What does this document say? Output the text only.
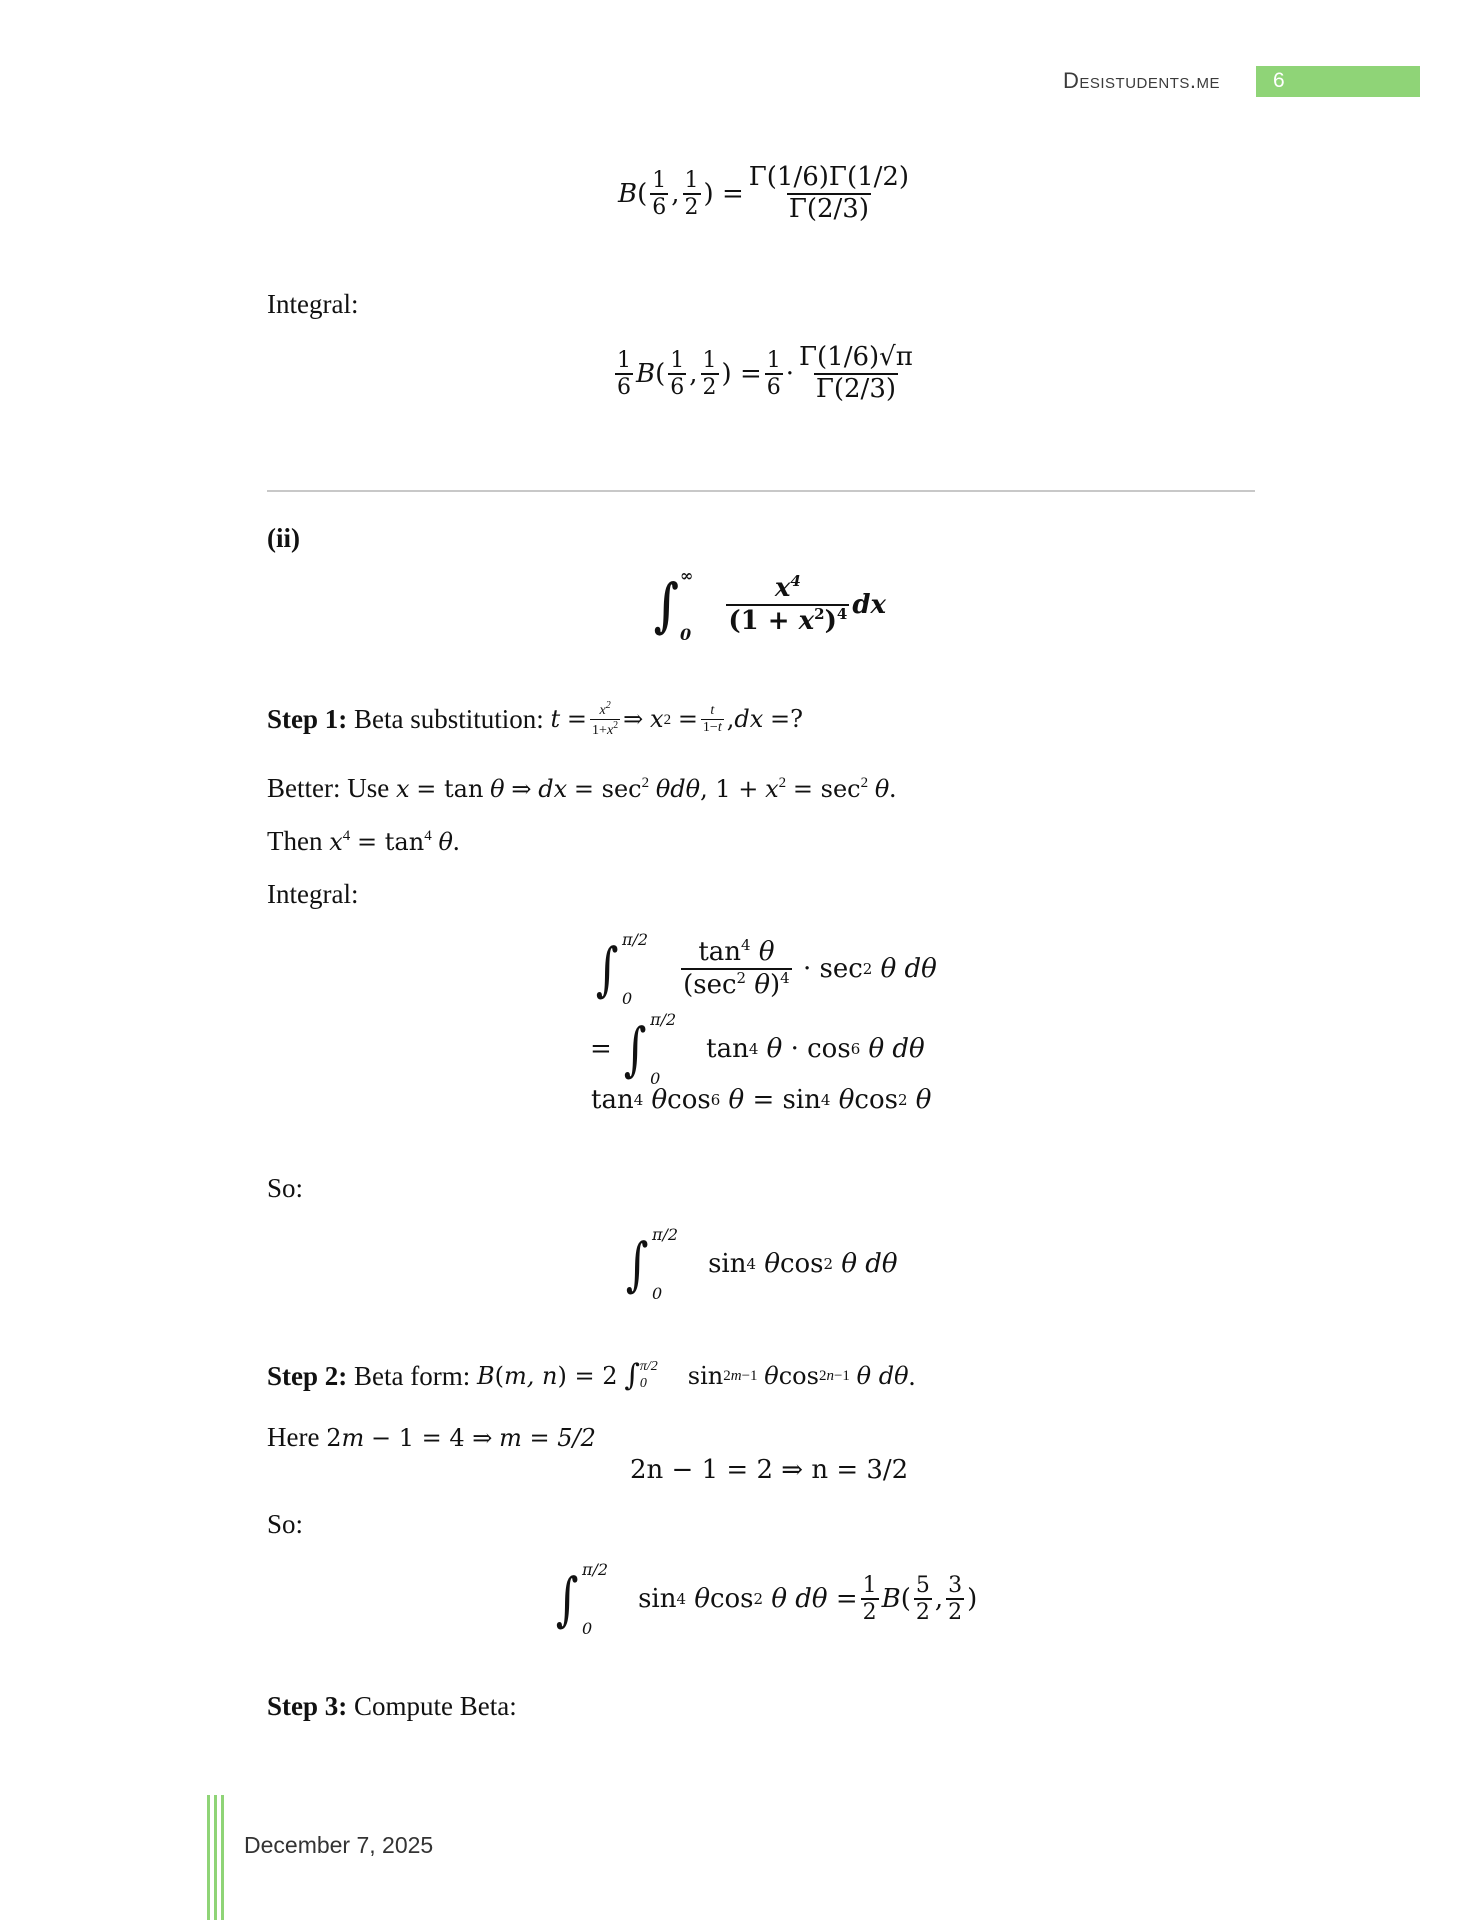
Desistudents.me	6
B ( $\frac{1}{6}$ , $\frac{1}{2}$ ) = $\frac{\Gamma(1/6)\Gamma(1/2)}{\Gamma(2/3)}$
Integral:
$\frac{1}{6}$ B ( $\frac{1}{6}$ , $\frac{1}{2}$ ) = $\frac{1}{6} \cdot \frac{\Gamma(1/6)√\pi}{\Gamma(2/3)}$
(ii)
∫ ∞
$0 \frac{x^4}{(1 + x^2)^4}$ dx
Step 1:
Beta substitution:
t
= $\frac{x^2}{1+x^2}$ ⇒
x 2
= $\frac{t}{1-t}$ , dx
=?
Better: Use x = tan θ ⇒ dx = $\sec^2 \theta d\theta$, $1 + x^2 = \sec^2 \theta$.
Then $x^4 = \tan^4 \theta$.
Integral:
∫ π/2
0	$\frac{\tan^4 \theta}{(\sec^2 \theta)^4} \cdot \sec 2$
θ dθ
= ∫ π/2
0
tan 4
θ · cos 6
θ dθ
tan 4
θ cos 6
θ = sin 4
θ cos 2
θ
So:
∫ π/2
0
sin 4
θ cos 2
θ dθ
Step 2:
Beta form:
B ( m, n ) = 2
∫ π/2
0	sin 2m−1
θ cos 2n−1
θ dθ .
Here 2m − 1 = 4 ⇒ m = 5/2
2n − 1 = 2 ⇒ n = 3/2
So:
∫ π/2
0
sin 4
θ cos 2
θ $d\theta = \frac{1}{2}$ B ( $\frac{5}{2}$ , $\frac{3}{2}$ )
Step 3: Compute Beta:
December 7, 2025
